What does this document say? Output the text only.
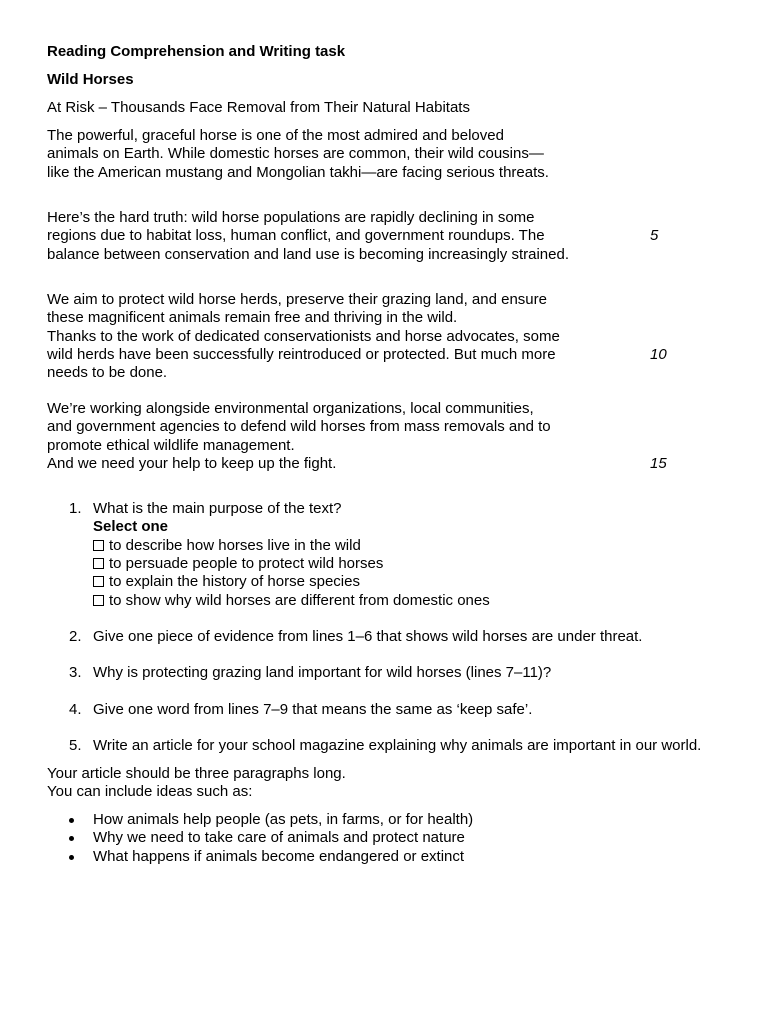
Reading Comprehension and Writing task
Wild Horses
At Risk – Thousands Face Removal from Their Natural Habitats
The powerful, graceful horse is one of the most admired and beloved
animals on Earth. While domestic horses are common, their wild cousins—
like the American mustang and Mongolian takhi—are facing serious threats.
Here’s the hard truth: wild horse populations are rapidly declining in some
regions due to habitat loss, human conflict, and government roundups. The
balance between conservation and land use is becoming increasingly strained.
5
We aim to protect wild horse herds, preserve their grazing land, and ensure
these magnificent animals remain free and thriving in the wild.
Thanks to the work of dedicated conservationists and horse advocates, some
wild herds have been successfully reintroduced or protected. But much more
needs to be done.
10
We’re working alongside environmental organizations, local communities,
and government agencies to defend wild horses from mass removals and to
promote ethical wildlife management.
And we need your help to keep up the fight.	15
1. What is the main purpose of the text?
Select one
to describe how horses live in the wild
to persuade people to protect wild horses
to explain the history of horse species
to show why wild horses are different from domestic ones
2. Give one piece of evidence from lines 1–6 that shows wild horses are under threat.
3. Why is protecting grazing land important for wild horses (lines 7–11)?
4. Give one word from lines 7–9 that means the same as ‘keep safe’.
5. Write an article for your school magazine explaining why animals are important in our world.
Your article should be three paragraphs long.
You can include ideas such as:
How animals help people (as pets, in farms, or for health)
Why we need to take care of animals and protect nature
What happens if animals become endangered or extinct
